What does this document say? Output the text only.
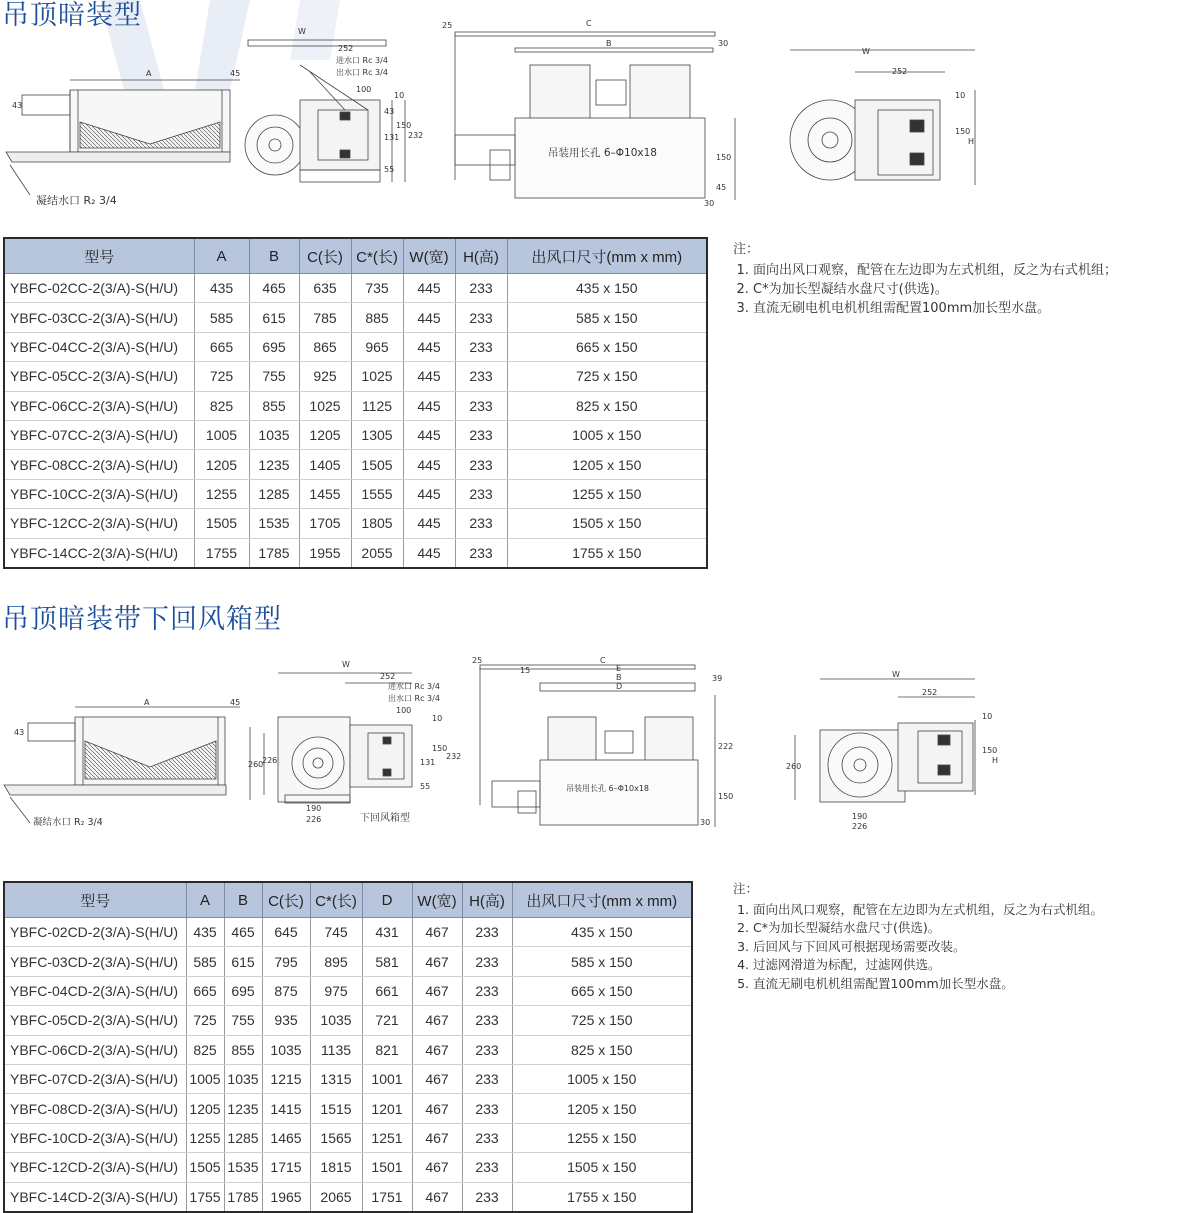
吊顶暗装型
A	45
43
凝结水口 R₂ 3/4
W
252
进水口 Rc 3/4
出水口 Rc 3/4
100
10
131
150
232
55
43
25	C
B	30
吊装用长孔 6–Φ10x18	150
45
30
W
252
10
150
H
型号	A	B	C(长)	C*(长)	W(宽)	H(高)	出风口尺寸(mm x mm)
YBFC-02CC-2(3/A)-S(H/U)	435	465	635	735	445	233	435 x 150
YBFC-03CC-2(3/A)-S(H/U)	585	615	785	885	445	233	585 x 150
YBFC-04CC-2(3/A)-S(H/U)	665	695	865	965	445	233	665 x 150
YBFC-05CC-2(3/A)-S(H/U)	725	755	925	1025	445	233	725 x 150
YBFC-06CC-2(3/A)-S(H/U)	825	855	1025	1125	445	233	825 x 150
YBFC-07CC-2(3/A)-S(H/U)	1005	1035	1205	1305	445	233	1005 x 150
YBFC-08CC-2(3/A)-S(H/U)	1205	1235	1405	1505	445	233	1205 x 150
YBFC-10CC-2(3/A)-S(H/U)	1255	1285	1455	1555	445	233	1255 x 150
YBFC-12CC-2(3/A)-S(H/U)	1505	1535	1705	1805	445	233	1505 x 150
YBFC-14CC-2(3/A)-S(H/U)	1755	1785	1955	2055	445	233	1755 x 150
注：
1. 面向出风口观察，配管在左边即为左式机组，反之为右式机组；
2. C*为加长型凝结水盘尺寸(供选)。
3. 直流无刷电机电机机组需配置100mm加长型水盘。
吊顶暗装带下回风箱型
A	45
43
凝结水口 R₂ 3/4
W
252
进水口 Rc 3/4
出水口 Rc 3/4
100
10
260
226	131
150
232
55
190
226	下回风箱型
25	C
15	E
B
D
39
222
吊装用长孔 6–Φ10x18
150
30
W
252
10
150
H
260
190
226
型号	A	B	C(长)	C*(长)	D	W(宽)	H(高)	出风口尺寸(mm x mm)
YBFC-02CD-2(3/A)-S(H/U)	435	465	645	745	431	467	233	435 x 150
YBFC-03CD-2(3/A)-S(H/U)	585	615	795	895	581	467	233	585 x 150
YBFC-04CD-2(3/A)-S(H/U)	665	695	875	975	661	467	233	665 x 150
YBFC-05CD-2(3/A)-S(H/U)	725	755	935	1035	721	467	233	725 x 150
YBFC-06CD-2(3/A)-S(H/U)	825	855	1035	1135	821	467	233	825 x 150
YBFC-07CD-2(3/A)-S(H/U)	1005	1035	1215	1315	1001	467	233	1005 x 150
YBFC-08CD-2(3/A)-S(H/U)	1205	1235	1415	1515	1201	467	233	1205 x 150
YBFC-10CD-2(3/A)-S(H/U)	1255	1285	1465	1565	1251	467	233	1255 x 150
YBFC-12CD-2(3/A)-S(H/U)	1505	1535	1715	1815	1501	467	233	1505 x 150
YBFC-14CD-2(3/A)-S(H/U)	1755	1785	1965	2065	1751	467	233	1755 x 150
注：
1. 面向出风口观察，配管在左边即为左式机组，反之为右式机组。
2. C*为加长型凝结水盘尺寸(供选)。
3. 后回风与下回风可根据现场需要改装。
4. 过滤网滑道为标配，过滤网供选。
5. 直流无刷电机机组需配置100mm加长型水盘。
